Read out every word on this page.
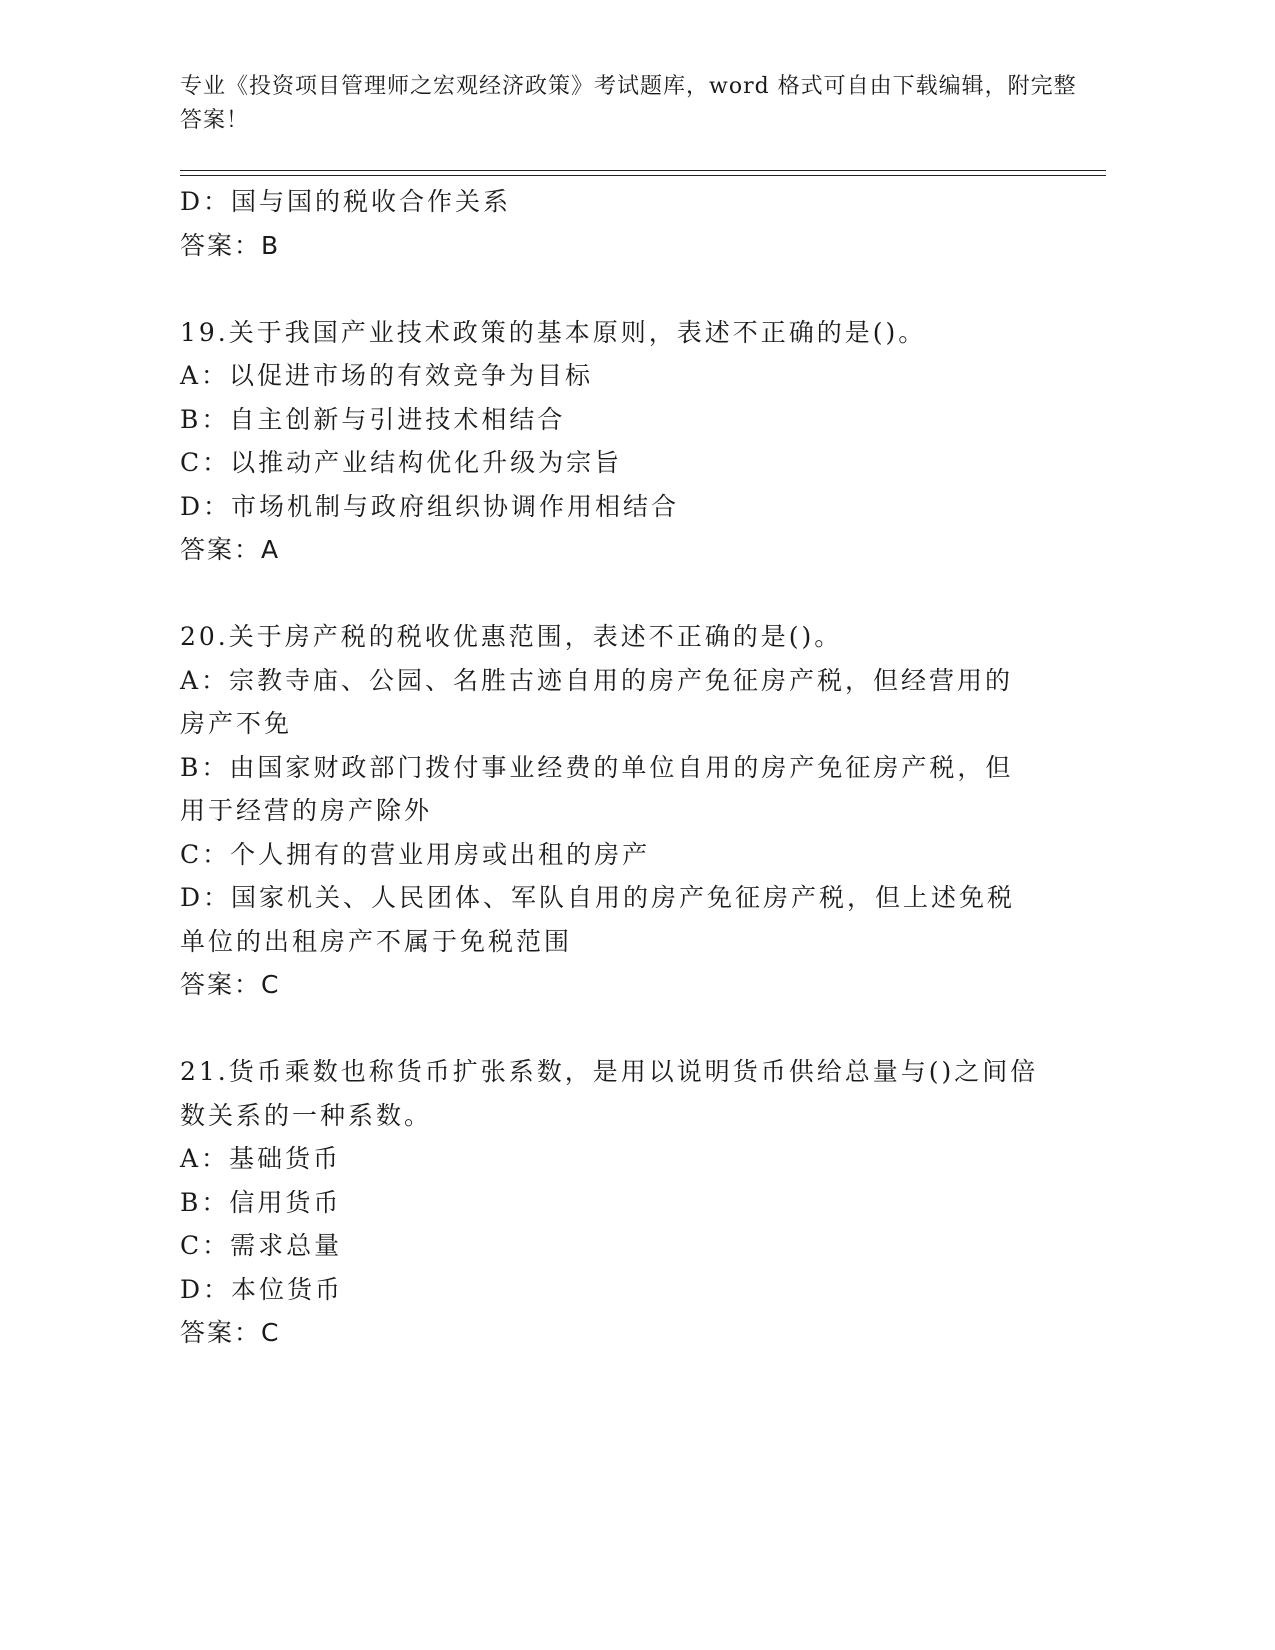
专业《投资项目管理师之宏观经济政策》考试题库，word 格式可自由下载编辑，附完整答案！
D：国与国的税收合作关系
答案：B
19.关于我国产业技术政策的基本原则，表述不正确的是()。
A：以促进市场的有效竞争为目标
B：自主创新与引进技术相结合
C：以推动产业结构优化升级为宗旨
D：市场机制与政府组织协调作用相结合
答案：A
20.关于房产税的税收优惠范围，表述不正确的是()。
A：宗教寺庙、公园、名胜古迹自用的房产免征房产税，但经营用的房产不免
B：由国家财政部门拨付事业经费的单位自用的房产免征房产税，但用于经营的房产除外
C：个人拥有的营业用房或出租的房产
D：国家机关、人民团体、军队自用的房产免征房产税，但上述免税单位的出租房产不属于免税范围
答案：C
21.货币乘数也称货币扩张系数，是用以说明货币供给总量与()之间倍数关系的一种系数。
A：基础货币
B：信用货币
C：需求总量
D：本位货币
答案：C
